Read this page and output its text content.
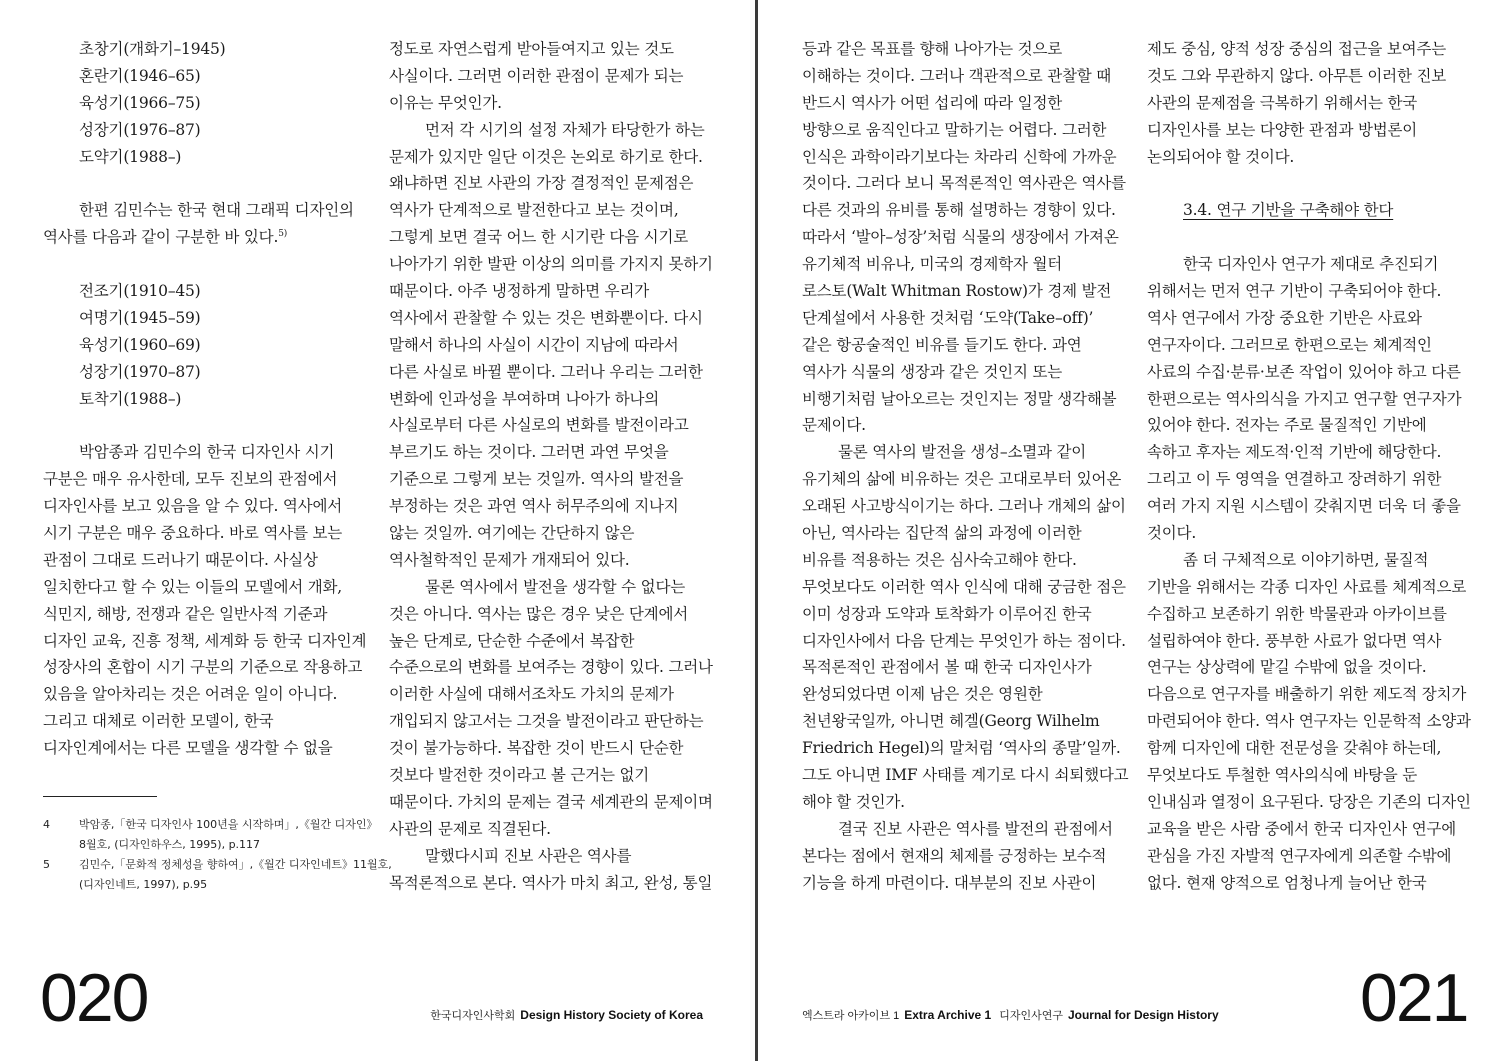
초창기(개화기–1945)
혼란기(1946–65)
육성기(1966–75)
성장기(1976–87)
도약기(1988–)
한편 김민수는 한국 현대 그래픽 디자인의
역사를 다음과 같이 구분한 바 있다.$^{5)}$
전조기(1910–45)
여명기(1945–59)
육성기(1960–69)
성장기(1970–87)
토착기(1988–)
박암종과 김민수의 한국 디자인사 시기
구분은 매우 유사한데, 모두 진보의 관점에서
디자인사를 보고 있음을 알 수 있다. 역사에서
시기 구분은 매우 중요하다. 바로 역사를 보는
관점이 그대로 드러나기 때문이다. 사실상
일치한다고 할 수 있는 이들의 모델에서 개화,
식민지, 해방, 전쟁과 같은 일반사적 기준과
디자인 교육, 진흥 정책, 세계화 등 한국 디자인계
성장사의 혼합이 시기 구분의 기준으로 작용하고
있음을 알아차리는 것은 어려운 일이 아니다.
그리고 대체로 이러한 모델이, 한국
디자인계에서는 다른 모델을 생각할 수 없을
정도로 자연스럽게 받아들여지고 있는 것도
사실이다. 그러면 이러한 관점이 문제가 되는
이유는 무엇인가.
먼저 각 시기의 설정 자체가 타당한가 하는
문제가 있지만 일단 이것은 논외로 하기로 한다.
왜냐하면 진보 사관의 가장 결정적인 문제점은
역사가 단계적으로 발전한다고 보는 것이며,
그렇게 보면 결국 어느 한 시기란 다음 시기로
나아가기 위한 발판 이상의 의미를 가지지 못하기
때문이다. 아주 냉정하게 말하면 우리가
역사에서 관찰할 수 있는 것은 변화뿐이다. 다시
말해서 하나의 사실이 시간이 지남에 따라서
다른 사실로 바뀔 뿐이다. 그러나 우리는 그러한
변화에 인과성을 부여하며 나아가 하나의
사실로부터 다른 사실로의 변화를 발전이라고
부르기도 하는 것이다. 그러면 과연 무엇을
기준으로 그렇게 보는 것일까. 역사의 발전을
부정하는 것은 과연 역사 허무주의에 지나지
않는 것일까. 여기에는 간단하지 않은
역사철학적인 문제가 개재되어 있다.
물론 역사에서 발전을 생각할 수 없다는
것은 아니다. 역사는 많은 경우 낮은 단계에서
높은 단계로, 단순한 수준에서 복잡한
수준으로의 변화를 보여주는 경향이 있다. 그러나
이러한 사실에 대해서조차도 가치의 문제가
개입되지 않고서는 그것을 발전이라고 판단하는
것이 불가능하다. 복잡한 것이 반드시 단순한
것보다 발전한 것이라고 볼 근거는 없기
때문이다. 가치의 문제는 결국 세계관의 문제이며
사관의 문제로 직결된다.
말했다시피 진보 사관은 역사를
목적론적으로 본다. 역사가 마치 최고, 완성, 통일
4	박암종,「한국 디자인사 100년을 시작하며」,《월간 디자인》
8월호, (디자인하우스, 1995), p.117
5	김민수,「문화적 정체성을 향하여」,《월간 디자인네트》11월호,
(디자인네트, 1997), p.95
020	한국디자인사학회 Design History Society of Korea
등과 같은 목표를 향해 나아가는 것으로
이해하는 것이다. 그러나 객관적으로 관찰할 때
반드시 역사가 어떤 섭리에 따라 일정한
방향으로 움직인다고 말하기는 어렵다. 그러한
인식은 과학이라기보다는 차라리 신학에 가까운
것이다. 그러다 보니 목적론적인 역사관은 역사를
다른 것과의 유비를 통해 설명하는 경향이 있다.
따라서 ‘발아–성장’처럼 식물의 생장에서 가져온
유기체적 비유나, 미국의 경제학자 월터
로스토(Walt Whitman Rostow)가 경제 발전
단계설에서 사용한 것처럼 ‘도약(Take–off)’
같은 항공술적인 비유를 들기도 한다. 과연
역사가 식물의 생장과 같은 것인지 또는
비행기처럼 날아오르는 것인지는 정말 생각해볼
문제이다.
물론 역사의 발전을 생성–소멸과 같이
유기체의 삶에 비유하는 것은 고대로부터 있어온
오래된 사고방식이기는 하다. 그러나 개체의 삶이
아닌, 역사라는 집단적 삶의 과정에 이러한
비유를 적용하는 것은 심사숙고해야 한다.
무엇보다도 이러한 역사 인식에 대해 궁금한 점은
이미 성장과 도약과 토착화가 이루어진 한국
디자인사에서 다음 단계는 무엇인가 하는 점이다.
목적론적인 관점에서 볼 때 한국 디자인사가
완성되었다면 이제 남은 것은 영원한
천년왕국일까, 아니면 헤겔(Georg Wilhelm
Friedrich Hegel)의 말처럼 ‘역사의 종말’일까.
그도 아니면 IMF 사태를 계기로 다시 쇠퇴했다고
해야 할 것인가.
결국 진보 사관은 역사를 발전의 관점에서
본다는 점에서 현재의 체제를 긍정하는 보수적
기능을 하게 마련이다. 대부분의 진보 사관이
제도 중심, 양적 성장 중심의 접근을 보여주는
것도 그와 무관하지 않다. 아무튼 이러한 진보
사관의 문제점을 극복하기 위해서는 한국
디자인사를 보는 다양한 관점과 방법론이
논의되어야 할 것이다.
3.4. 연구 기반을 구축해야 한다
한국 디자인사 연구가 제대로 추진되기
위해서는 먼저 연구 기반이 구축되어야 한다.
역사 연구에서 가장 중요한 기반은 사료와
연구자이다. 그러므로 한편으로는 체계적인
사료의 수집·분류·보존 작업이 있어야 하고 다른
한편으로는 역사의식을 가지고 연구할 연구자가
있어야 한다. 전자는 주로 물질적인 기반에
속하고 후자는 제도적·인적 기반에 해당한다.
그리고 이 두 영역을 연결하고 장려하기 위한
여러 가지 지원 시스템이 갖춰지면 더욱 더 좋을
것이다.
좀 더 구체적으로 이야기하면, 물질적
기반을 위해서는 각종 디자인 사료를 체계적으로
수집하고 보존하기 위한 박물관과 아카이브를
설립하여야 한다. 풍부한 사료가 없다면 역사
연구는 상상력에 맡길 수밖에 없을 것이다.
다음으로 연구자를 배출하기 위한 제도적 장치가
마련되어야 한다. 역사 연구자는 인문학적 소양과
함께 디자인에 대한 전문성을 갖춰야 하는데,
무엇보다도 투철한 역사의식에 바탕을 둔
인내심과 열정이 요구된다. 당장은 기존의 디자인
교육을 받은 사람 중에서 한국 디자인사 연구에
관심을 가진 자발적 연구자에게 의존할 수밖에
없다. 현재 양적으로 엄청나게 늘어난 한국
엑스트라 아카이브 1 Extra Archive 1 디자인사연구 Journal for Design History 021
